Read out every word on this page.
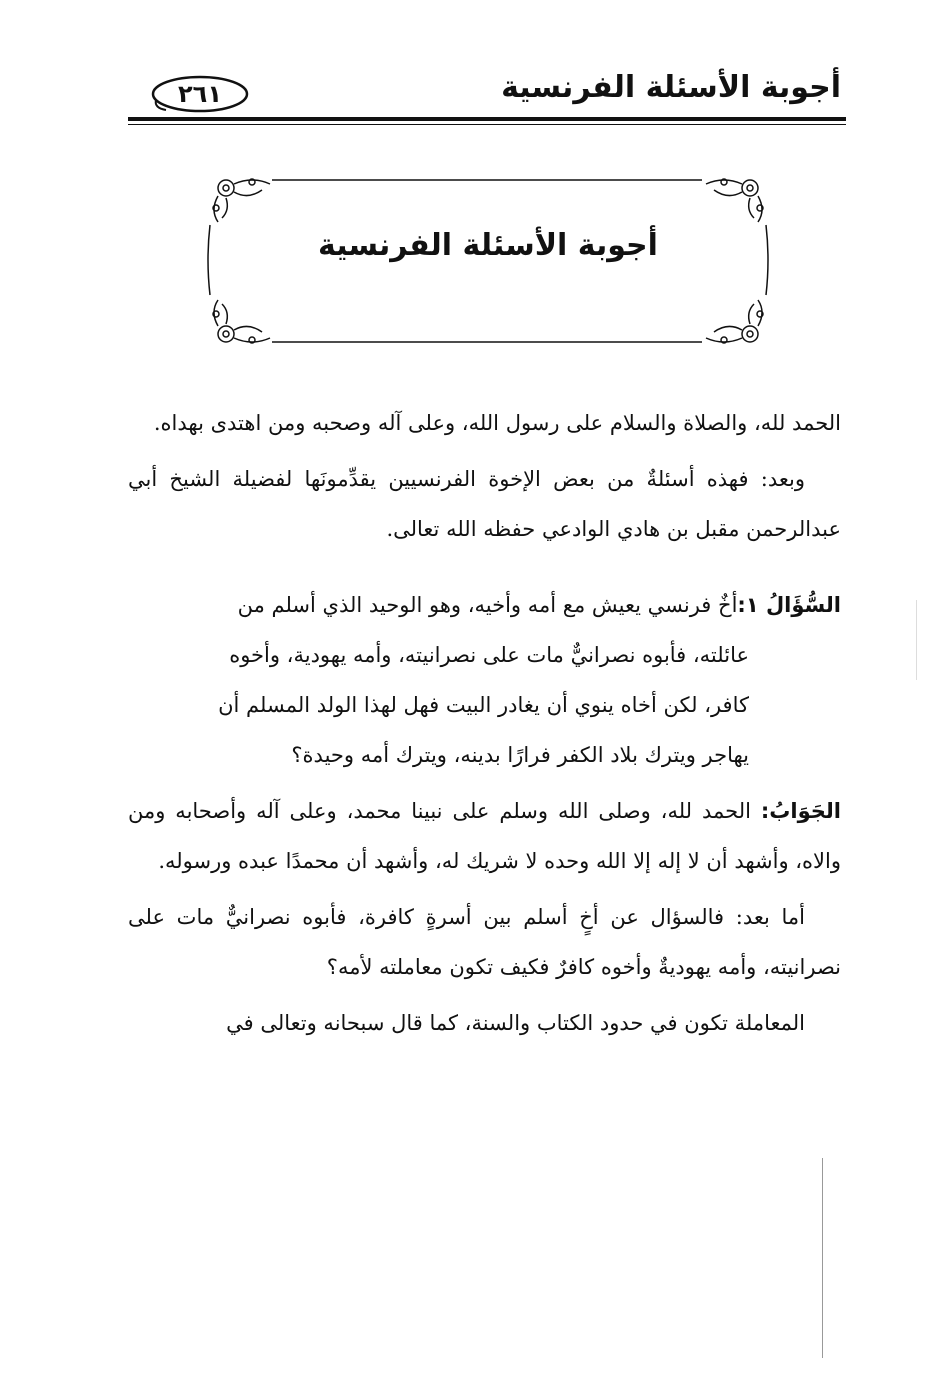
أجوبة الأسئلة الفرنسية
٢٦١
أجوبة الأسئلة الفرنسية

الحمد لله، والصلاة والسلام على رسول الله، وعلى آله وصحبه ومن اهتدى بهداه.

وبعد: فهذه أسئلةٌ من بعض الإخوة الفرنسيين يقدِّمونَها لفضيلة الشيخ أبي عبدالرحمن مقبل بن هادي الوادعي حفظه الله تعالى.

السُّؤَالُ ١:أخٌ فرنسي يعيش مع أمه وأخيه، وهو الوحيد الذي أسلم من
عائلته، فأبوه نصرانيٌّ مات على نصرانيته، وأمه يهودية، وأخوه
كافر، لكن أخاه ينوي أن يغادر البيت فهل لهذا الولد المسلم أن
يهاجر ويترك بلاد الكفر فرارًا بدينه، ويترك أمه وحيدة؟

الجَوَابُ: الحمد لله، وصلى الله وسلم على نبينا محمد، وعلى آله وأصحابه ومن والاه، وأشهد أن لا إله إلا الله وحده لا شريك له، وأشهد أن محمدًا عبده ورسوله.

أما بعد: فالسؤال عن أخٍ أسلم بين أسرةٍ كافرة، فأبوه نصرانيٌّ مات على نصرانيته، وأمه يهوديةٌ وأخوه كافرٌ فكيف تكون معاملته لأمه؟

المعاملة تكون في حدود الكتاب والسنة، كما قال سبحانه وتعالى في
